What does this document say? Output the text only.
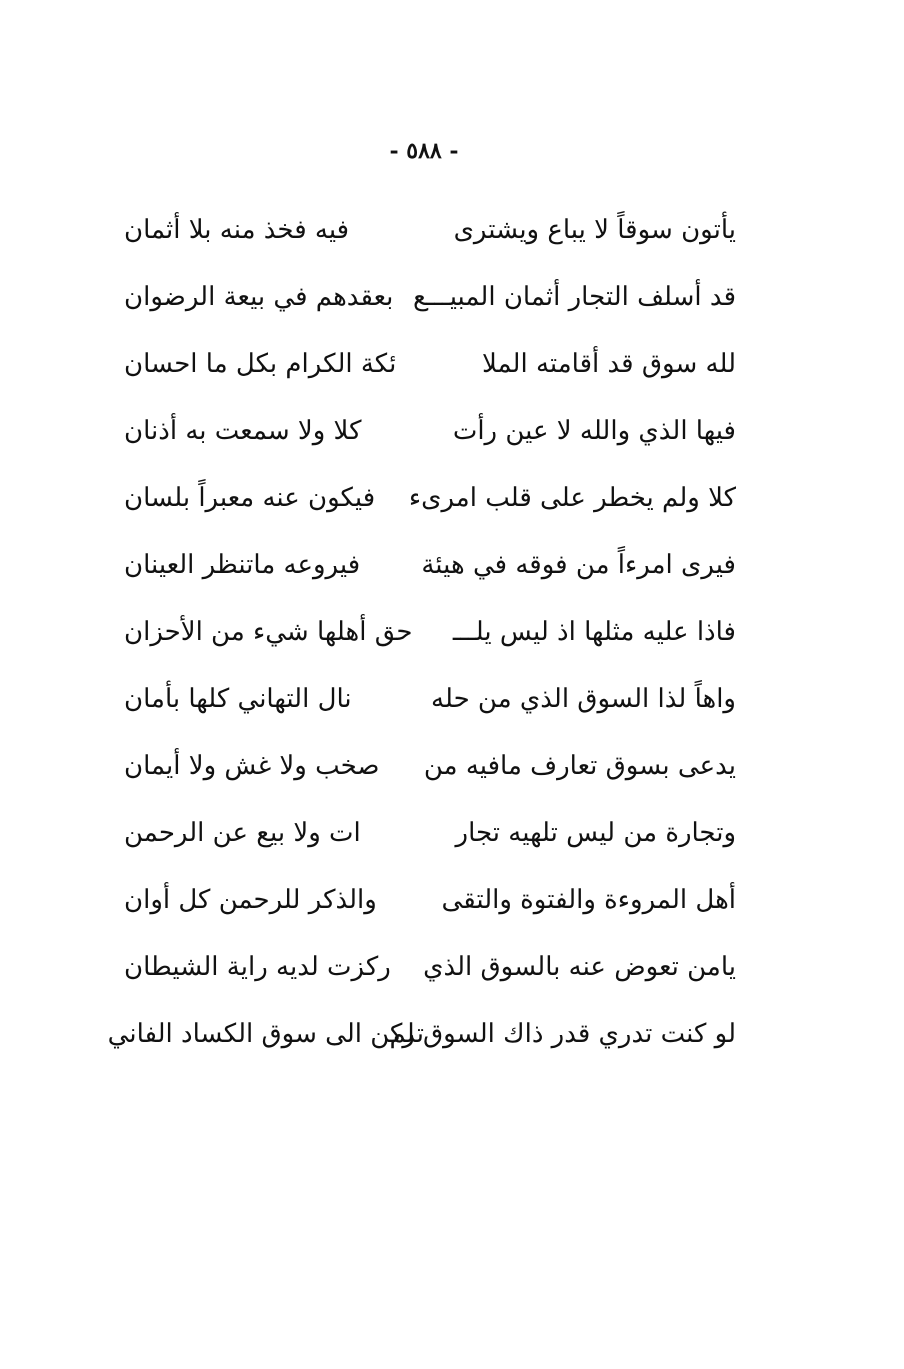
- ٥٨٨ -
يأتون سوقاً لا يباع ويشترى
فيه فخذ منه بلا أثمان
قد أسلف التجار أثمان المبيـــع
بعقدهم في بيعة الرضوان
لله سوق قد أقامته الملا
ئكة الكرام بكل ما احسان
فيها الذي والله لا عين رأت
كلا ولا سمعت به أذنان
كلا ولم يخطر على قلب امرىء
فيكون عنه معبراً بلسان
فيرى امرءاً من فوقه في هيئة
فيروعه ماتنظر العينان
فاذا عليه مثلها اذ ليس يلـــ
حق أهلها شيء من الأحزان
واهاً لذا السوق الذي من حله
نال التهاني كلها بأمان
يدعى بسوق تعارف مافيه من
صخب ولا غش ولا أيمان
وتجارة من ليس تلهيه تجار
ات ولا بيع عن الرحمن
أهل المروءة والفتوة والتقى
والذكر للرحمن كل أوان
يامن تعوض عنه بالسوق الذي
ركزت لديه راية الشيطان
لو كنت تدري قدر ذاك السوق لم
تركن الى سوق الكساد الفاني
